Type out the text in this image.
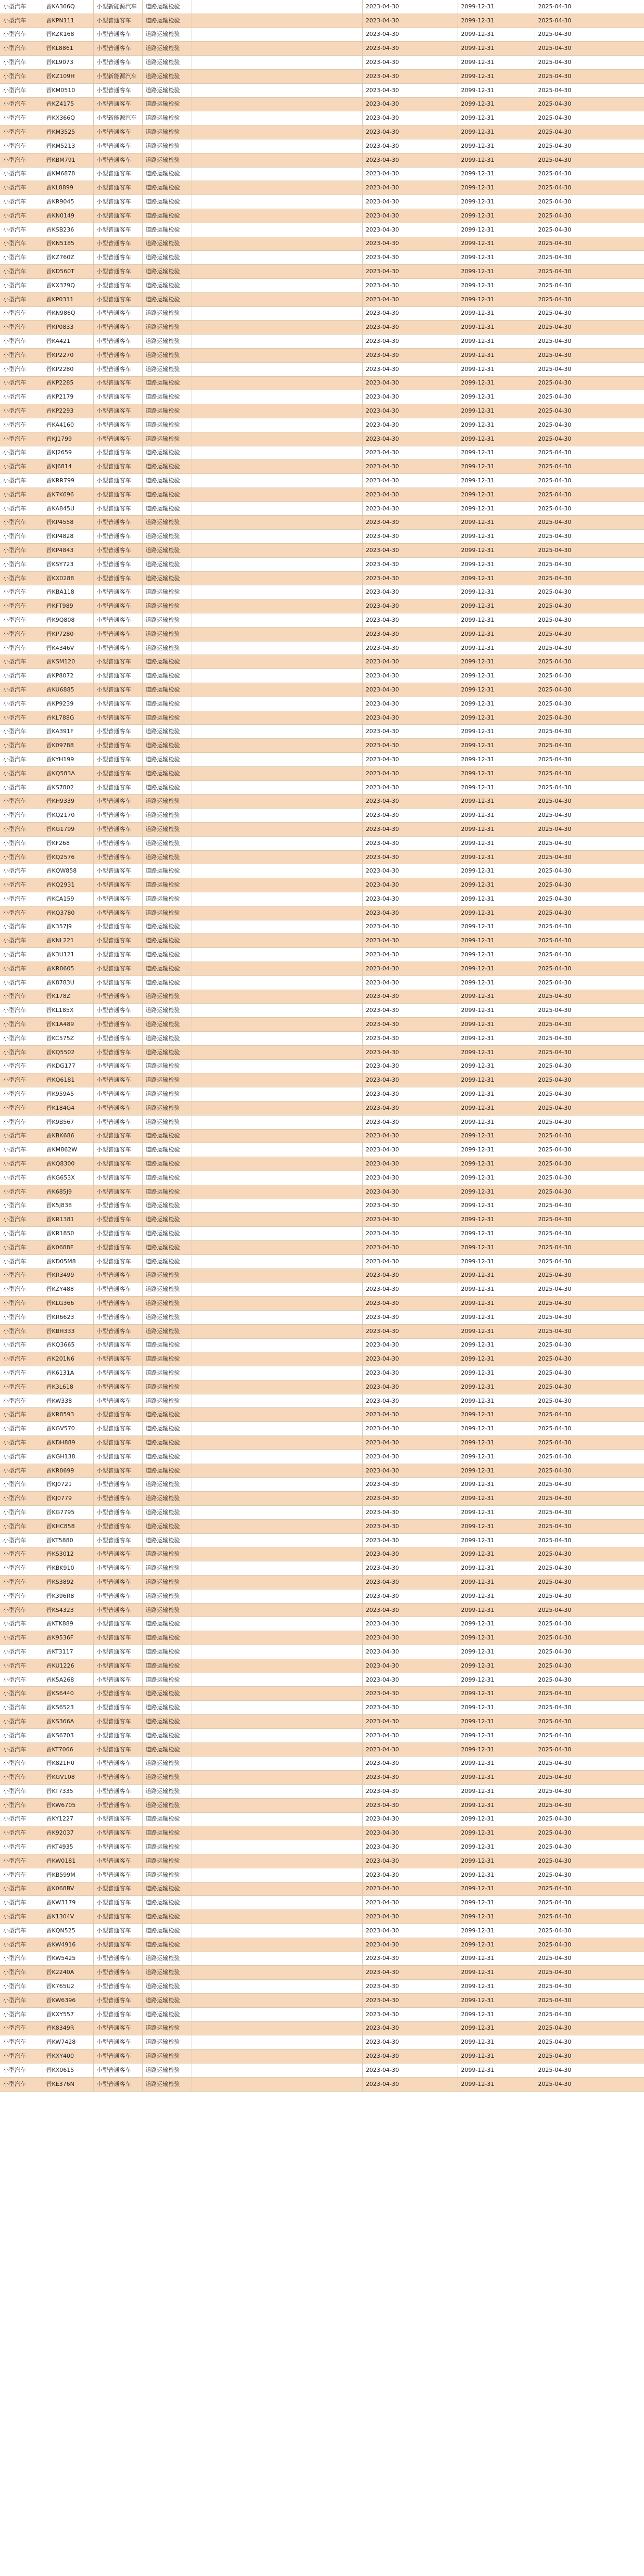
小型汽车	晋KA366Q	小型新能源汽车	道路运输检验		2023-04-30	2099-12-31	2025-04-30
小型汽车	晋KPN111	小型普通客车	道路运输检验		2023-04-30	2099-12-31	2025-04-30
小型汽车	晋KZK168	小型普通客车	道路运输检验		2023-04-30	2099-12-31	2025-04-30
小型汽车	晋KL8861	小型普通客车	道路运输检验		2023-04-30	2099-12-31	2025-04-30
小型汽车	晋KL9073	小型普通客车	道路运输检验		2023-04-30	2099-12-31	2025-04-30
小型汽车	晋KZ109H	小型新能源汽车	道路运输检验		2023-04-30	2099-12-31	2025-04-30
小型汽车	晋KM0510	小型普通客车	道路运输检验		2023-04-30	2099-12-31	2025-04-30
小型汽车	晋KZ4175	小型普通客车	道路运输检验		2023-04-30	2099-12-31	2025-04-30
小型汽车	晋KX366Q	小型新能源汽车	道路运输检验		2023-04-30	2099-12-31	2025-04-30
小型汽车	晋KM3525	小型普通客车	道路运输检验		2023-04-30	2099-12-31	2025-04-30
小型汽车	晋KM5213	小型普通客车	道路运输检验		2023-04-30	2099-12-31	2025-04-30
小型汽车	晋KBM791	小型普通客车	道路运输检验		2023-04-30	2099-12-31	2025-04-30
小型汽车	晋KM6878	小型普通客车	道路运输检验		2023-04-30	2099-12-31	2025-04-30
小型汽车	晋KL8899	小型普通客车	道路运输检验		2023-04-30	2099-12-31	2025-04-30
小型汽车	晋KR9045	小型普通客车	道路运输检验		2023-04-30	2099-12-31	2025-04-30
小型汽车	晋KN0149	小型普通客车	道路运输检验		2023-04-30	2099-12-31	2025-04-30
小型汽车	晋KSB236	小型普通客车	道路运输检验		2023-04-30	2099-12-31	2025-04-30
小型汽车	晋KN5185	小型普通客车	道路运输检验		2023-04-30	2099-12-31	2025-04-30
小型汽车	晋KZ760Z	小型普通客车	道路运输检验		2023-04-30	2099-12-31	2025-04-30
小型汽车	晋KD560T	小型普通客车	道路运输检验		2023-04-30	2099-12-31	2025-04-30
小型汽车	晋KX379Q	小型普通客车	道路运输检验		2023-04-30	2099-12-31	2025-04-30
小型汽车	晋KP0311	小型普通客车	道路运输检验		2023-04-30	2099-12-31	2025-04-30
小型汽车	晋KN986Q	小型普通客车	道路运输检验		2023-04-30	2099-12-31	2025-04-30
小型汽车	晋KP0833	小型普通客车	道路运输检验		2023-04-30	2099-12-31	2025-04-30
小型汽车	晋KA421	小型普通客车	道路运输检验		2023-04-30	2099-12-31	2025-04-30
小型汽车	晋KP2270	小型普通客车	道路运输检验		2023-04-30	2099-12-31	2025-04-30
小型汽车	晋KP2280	小型普通客车	道路运输检验		2023-04-30	2099-12-31	2025-04-30
小型汽车	晋KP2285	小型普通客车	道路运输检验		2023-04-30	2099-12-31	2025-04-30
小型汽车	晋KP2179	小型普通客车	道路运输检验		2023-04-30	2099-12-31	2025-04-30
小型汽车	晋KP2293	小型普通客车	道路运输检验		2023-04-30	2099-12-31	2025-04-30
小型汽车	晋KA4160	小型普通客车	道路运输检验		2023-04-30	2099-12-31	2025-04-30
小型汽车	晋KJ1799	小型普通客车	道路运输检验		2023-04-30	2099-12-31	2025-04-30
小型汽车	晋KJ2659	小型普通客车	道路运输检验		2023-04-30	2099-12-31	2025-04-30
小型汽车	晋KJ6814	小型普通客车	道路运输检验		2023-04-30	2099-12-31	2025-04-30
小型汽车	晋KRR799	小型普通客车	道路运输检验		2023-04-30	2099-12-31	2025-04-30
小型汽车	晋K7K696	小型普通客车	道路运输检验		2023-04-30	2099-12-31	2025-04-30
小型汽车	晋KA845U	小型普通客车	道路运输检验		2023-04-30	2099-12-31	2025-04-30
小型汽车	晋KP4558	小型普通客车	道路运输检验		2023-04-30	2099-12-31	2025-04-30
小型汽车	晋KP4828	小型普通客车	道路运输检验		2023-04-30	2099-12-31	2025-04-30
小型汽车	晋KP4843	小型普通客车	道路运输检验		2023-04-30	2099-12-31	2025-04-30
小型汽车	晋KSY723	小型普通客车	道路运输检验		2023-04-30	2099-12-31	2025-04-30
小型汽车	晋KX0288	小型普通客车	道路运输检验		2023-04-30	2099-12-31	2025-04-30
小型汽车	晋KBA118	小型普通客车	道路运输检验		2023-04-30	2099-12-31	2025-04-30
小型汽车	晋KFT989	小型普通客车	道路运输检验		2023-04-30	2099-12-31	2025-04-30
小型汽车	晋K9Q808	小型普通客车	道路运输检验		2023-04-30	2099-12-31	2025-04-30
小型汽车	晋KP7280	小型普通客车	道路运输检验		2023-04-30	2099-12-31	2025-04-30
小型汽车	晋K4346V	小型普通客车	道路运输检验		2023-04-30	2099-12-31	2025-04-30
小型汽车	晋KSM120	小型普通客车	道路运输检验		2023-04-30	2099-12-31	2025-04-30
小型汽车	晋KP8072	小型普通客车	道路运输检验		2023-04-30	2099-12-31	2025-04-30
小型汽车	晋KU6885	小型普通客车	道路运输检验		2023-04-30	2099-12-31	2025-04-30
小型汽车	晋KP9239	小型普通客车	道路运输检验		2023-04-30	2099-12-31	2025-04-30
小型汽车	晋KL788G	小型普通客车	道路运输检验		2023-04-30	2099-12-31	2025-04-30
小型汽车	晋KA391F	小型普通客车	道路运输检验		2023-04-30	2099-12-31	2025-04-30
小型汽车	晋K09788	小型普通客车	道路运输检验		2023-04-30	2099-12-31	2025-04-30
小型汽车	晋KYH199	小型普通客车	道路运输检验		2023-04-30	2099-12-31	2025-04-30
小型汽车	晋KQ583A	小型普通客车	道路运输检验		2023-04-30	2099-12-31	2025-04-30
小型汽车	晋KS7802	小型普通客车	道路运输检验		2023-04-30	2099-12-31	2025-04-30
小型汽车	晋KH9339	小型普通客车	道路运输检验		2023-04-30	2099-12-31	2025-04-30
小型汽车	晋KQ2170	小型普通客车	道路运输检验		2023-04-30	2099-12-31	2025-04-30
小型汽车	晋KG1799	小型普通客车	道路运输检验		2023-04-30	2099-12-31	2025-04-30
小型汽车	晋KF268	小型普通客车	道路运输检验		2023-04-30	2099-12-31	2025-04-30
小型汽车	晋KQ2576	小型普通客车	道路运输检验		2023-04-30	2099-12-31	2025-04-30
小型汽车	晋KQW858	小型普通客车	道路运输检验		2023-04-30	2099-12-31	2025-04-30
小型汽车	晋KQ2931	小型普通客车	道路运输检验		2023-04-30	2099-12-31	2025-04-30
小型汽车	晋KCA159	小型普通客车	道路运输检验		2023-04-30	2099-12-31	2025-04-30
小型汽车	晋KQ3780	小型普通客车	道路运输检验		2023-04-30	2099-12-31	2025-04-30
小型汽车	晋K357J9	小型普通客车	道路运输检验		2023-04-30	2099-12-31	2025-04-30
小型汽车	晋KNL221	小型普通客车	道路运输检验		2023-04-30	2099-12-31	2025-04-30
小型汽车	晋K3U121	小型普通客车	道路运输检验		2023-04-30	2099-12-31	2025-04-30
小型汽车	晋KR8605	小型普通客车	道路运输检验		2023-04-30	2099-12-31	2025-04-30
小型汽车	晋K8783U	小型普通客车	道路运输检验		2023-04-30	2099-12-31	2025-04-30
小型汽车	晋K178Z	小型普通客车	道路运输检验		2023-04-30	2099-12-31	2025-04-30
小型汽车	晋KL185X	小型普通客车	道路运输检验		2023-04-30	2099-12-31	2025-04-30
小型汽车	晋K1A489	小型普通客车	道路运输检验		2023-04-30	2099-12-31	2025-04-30
小型汽车	晋KC575Z	小型普通客车	道路运输检验		2023-04-30	2099-12-31	2025-04-30
小型汽车	晋KQ5502	小型普通客车	道路运输检验		2023-04-30	2099-12-31	2025-04-30
小型汽车	晋KDG177	小型普通客车	道路运输检验		2023-04-30	2099-12-31	2025-04-30
小型汽车	晋KQ6181	小型普通客车	道路运输检验		2023-04-30	2099-12-31	2025-04-30
小型汽车	晋K959A5	小型普通客车	道路运输检验		2023-04-30	2099-12-31	2025-04-30
小型汽车	晋K184G4	小型普通客车	道路运输检验		2023-04-30	2099-12-31	2025-04-30
小型汽车	晋K9B567	小型普通客车	道路运输检验		2023-04-30	2099-12-31	2025-04-30
小型汽车	晋KBK686	小型普通客车	道路运输检验		2023-04-30	2099-12-31	2025-04-30
小型汽车	晋KM862W	小型普通客车	道路运输检验		2023-04-30	2099-12-31	2025-04-30
小型汽车	晋KQ8300	小型普通客车	道路运输检验		2023-04-30	2099-12-31	2025-04-30
小型汽车	晋KG653X	小型普通客车	道路运输检验		2023-04-30	2099-12-31	2025-04-30
小型汽车	晋K685J9	小型普通客车	道路运输检验		2023-04-30	2099-12-31	2025-04-30
小型汽车	晋K5J838	小型普通客车	道路运输检验		2023-04-30	2099-12-31	2025-04-30
小型汽车	晋KR1381	小型普通客车	道路运输检验		2023-04-30	2099-12-31	2025-04-30
小型汽车	晋KR1850	小型普通客车	道路运输检验		2023-04-30	2099-12-31	2025-04-30
小型汽车	晋K0688F	小型普通客车	道路运输检验		2023-04-30	2099-12-31	2025-04-30
小型汽车	晋KD05M8	小型普通客车	道路运输检验		2023-04-30	2099-12-31	2025-04-30
小型汽车	晋KR3499	小型普通客车	道路运输检验		2023-04-30	2099-12-31	2025-04-30
小型汽车	晋KZY488	小型普通客车	道路运输检验		2023-04-30	2099-12-31	2025-04-30
小型汽车	晋KLG366	小型普通客车	道路运输检验		2023-04-30	2099-12-31	2025-04-30
小型汽车	晋KR6623	小型普通客车	道路运输检验		2023-04-30	2099-12-31	2025-04-30
小型汽车	晋KBH333	小型普通客车	道路运输检验		2023-04-30	2099-12-31	2025-04-30
小型汽车	晋KQ3665	小型普通客车	道路运输检验		2023-04-30	2099-12-31	2025-04-30
小型汽车	晋K201N6	小型普通客车	道路运输检验		2023-04-30	2099-12-31	2025-04-30
小型汽车	晋K6131A	小型普通客车	道路运输检验		2023-04-30	2099-12-31	2025-04-30
小型汽车	晋K3L618	小型普通客车	道路运输检验		2023-04-30	2099-12-31	2025-04-30
小型汽车	晋KW338	小型普通客车	道路运输检验		2023-04-30	2099-12-31	2025-04-30
小型汽车	晋KR8593	小型普通客车	道路运输检验		2023-04-30	2099-12-31	2025-04-30
小型汽车	晋KGV570	小型普通客车	道路运输检验		2023-04-30	2099-12-31	2025-04-30
小型汽车	晋KDH889	小型普通客车	道路运输检验		2023-04-30	2099-12-31	2025-04-30
小型汽车	晋KGH138	小型普通客车	道路运输检验		2023-04-30	2099-12-31	2025-04-30
小型汽车	晋KR8699	小型普通客车	道路运输检验		2023-04-30	2099-12-31	2025-04-30
小型汽车	晋KJ0721	小型普通客车	道路运输检验		2023-04-30	2099-12-31	2025-04-30
小型汽车	晋KJ0779	小型普通客车	道路运输检验		2023-04-30	2099-12-31	2025-04-30
小型汽车	晋KG7795	小型普通客车	道路运输检验		2023-04-30	2099-12-31	2025-04-30
小型汽车	晋KHC858	小型普通客车	道路运输检验		2023-04-30	2099-12-31	2025-04-30
小型汽车	晋KT5880	小型普通客车	道路运输检验		2023-04-30	2099-12-31	2025-04-30
小型汽车	晋KS3012	小型普通客车	道路运输检验		2023-04-30	2099-12-31	2025-04-30
小型汽车	晋KBK910	小型普通客车	道路运输检验		2023-04-30	2099-12-31	2025-04-30
小型汽车	晋KS3892	小型普通客车	道路运输检验		2023-04-30	2099-12-31	2025-04-30
小型汽车	晋K396R8	小型普通客车	道路运输检验		2023-04-30	2099-12-31	2025-04-30
小型汽车	晋KS4323	小型普通客车	道路运输检验		2023-04-30	2099-12-31	2025-04-30
小型汽车	晋KTK889	小型普通客车	道路运输检验		2023-04-30	2099-12-31	2025-04-30
小型汽车	晋K9536F	小型普通客车	道路运输检验		2023-04-30	2099-12-31	2025-04-30
小型汽车	晋KT3117	小型普通客车	道路运输检验		2023-04-30	2099-12-31	2025-04-30
小型汽车	晋KU1226	小型普通客车	道路运输检验		2023-04-30	2099-12-31	2025-04-30
小型汽车	晋K5A268	小型普通客车	道路运输检验		2023-04-30	2099-12-31	2025-04-30
小型汽车	晋KS6440	小型普通客车	道路运输检验		2023-04-30	2099-12-31	2025-04-30
小型汽车	晋KS6523	小型普通客车	道路运输检验		2023-04-30	2099-12-31	2025-04-30
小型汽车	晋KS366A	小型普通客车	道路运输检验		2023-04-30	2099-12-31	2025-04-30
小型汽车	晋KS6703	小型普通客车	道路运输检验		2023-04-30	2099-12-31	2025-04-30
小型汽车	晋KT7066	小型普通客车	道路运输检验		2023-04-30	2099-12-31	2025-04-30
小型汽车	晋K821H0	小型普通客车	道路运输检验		2023-04-30	2099-12-31	2025-04-30
小型汽车	晋KGV108	小型普通客车	道路运输检验		2023-04-30	2099-12-31	2025-04-30
小型汽车	晋KT7335	小型普通客车	道路运输检验		2023-04-30	2099-12-31	2025-04-30
小型汽车	晋KW6705	小型普通客车	道路运输检验		2023-04-30	2099-12-31	2025-04-30
小型汽车	晋KY1227	小型普通客车	道路运输检验		2023-04-30	2099-12-31	2025-04-30
小型汽车	晋K92037	小型普通客车	道路运输检验		2023-04-30	2099-12-31	2025-04-30
小型汽车	晋KT4935	小型普通客车	道路运输检验		2023-04-30	2099-12-31	2025-04-30
小型汽车	晋KW0181	小型普通客车	道路运输检验		2023-04-30	2099-12-31	2025-04-30
小型汽车	晋KB599M	小型普通客车	道路运输检验		2023-04-30	2099-12-31	2025-04-30
小型汽车	晋K068BV	小型普通客车	道路运输检验		2023-04-30	2099-12-31	2025-04-30
小型汽车	晋KW3179	小型普通客车	道路运输检验		2023-04-30	2099-12-31	2025-04-30
小型汽车	晋K1304V	小型普通客车	道路运输检验		2023-04-30	2099-12-31	2025-04-30
小型汽车	晋KQN525	小型普通客车	道路运输检验		2023-04-30	2099-12-31	2025-04-30
小型汽车	晋KW4916	小型普通客车	道路运输检验		2023-04-30	2099-12-31	2025-04-30
小型汽车	晋KW5425	小型普通客车	道路运输检验		2023-04-30	2099-12-31	2025-04-30
小型汽车	晋K2240A	小型普通客车	道路运输检验		2023-04-30	2099-12-31	2025-04-30
小型汽车	晋K765U2	小型普通客车	道路运输检验		2023-04-30	2099-12-31	2025-04-30
小型汽车	晋KW6396	小型普通客车	道路运输检验		2023-04-30	2099-12-31	2025-04-30
小型汽车	晋KXY557	小型普通客车	道路运输检验		2023-04-30	2099-12-31	2025-04-30
小型汽车	晋K8349R	小型普通客车	道路运输检验		2023-04-30	2099-12-31	2025-04-30
小型汽车	晋KW7428	小型普通客车	道路运输检验		2023-04-30	2099-12-31	2025-04-30
小型汽车	晋KXY400	小型普通客车	道路运输检验		2023-04-30	2099-12-31	2025-04-30
小型汽车	晋KX0615	小型普通客车	道路运输检验		2023-04-30	2099-12-31	2025-04-30
小型汽车	晋KE376N	小型普通客车	道路运输检验		2023-04-30	2099-12-31	2025-04-30
